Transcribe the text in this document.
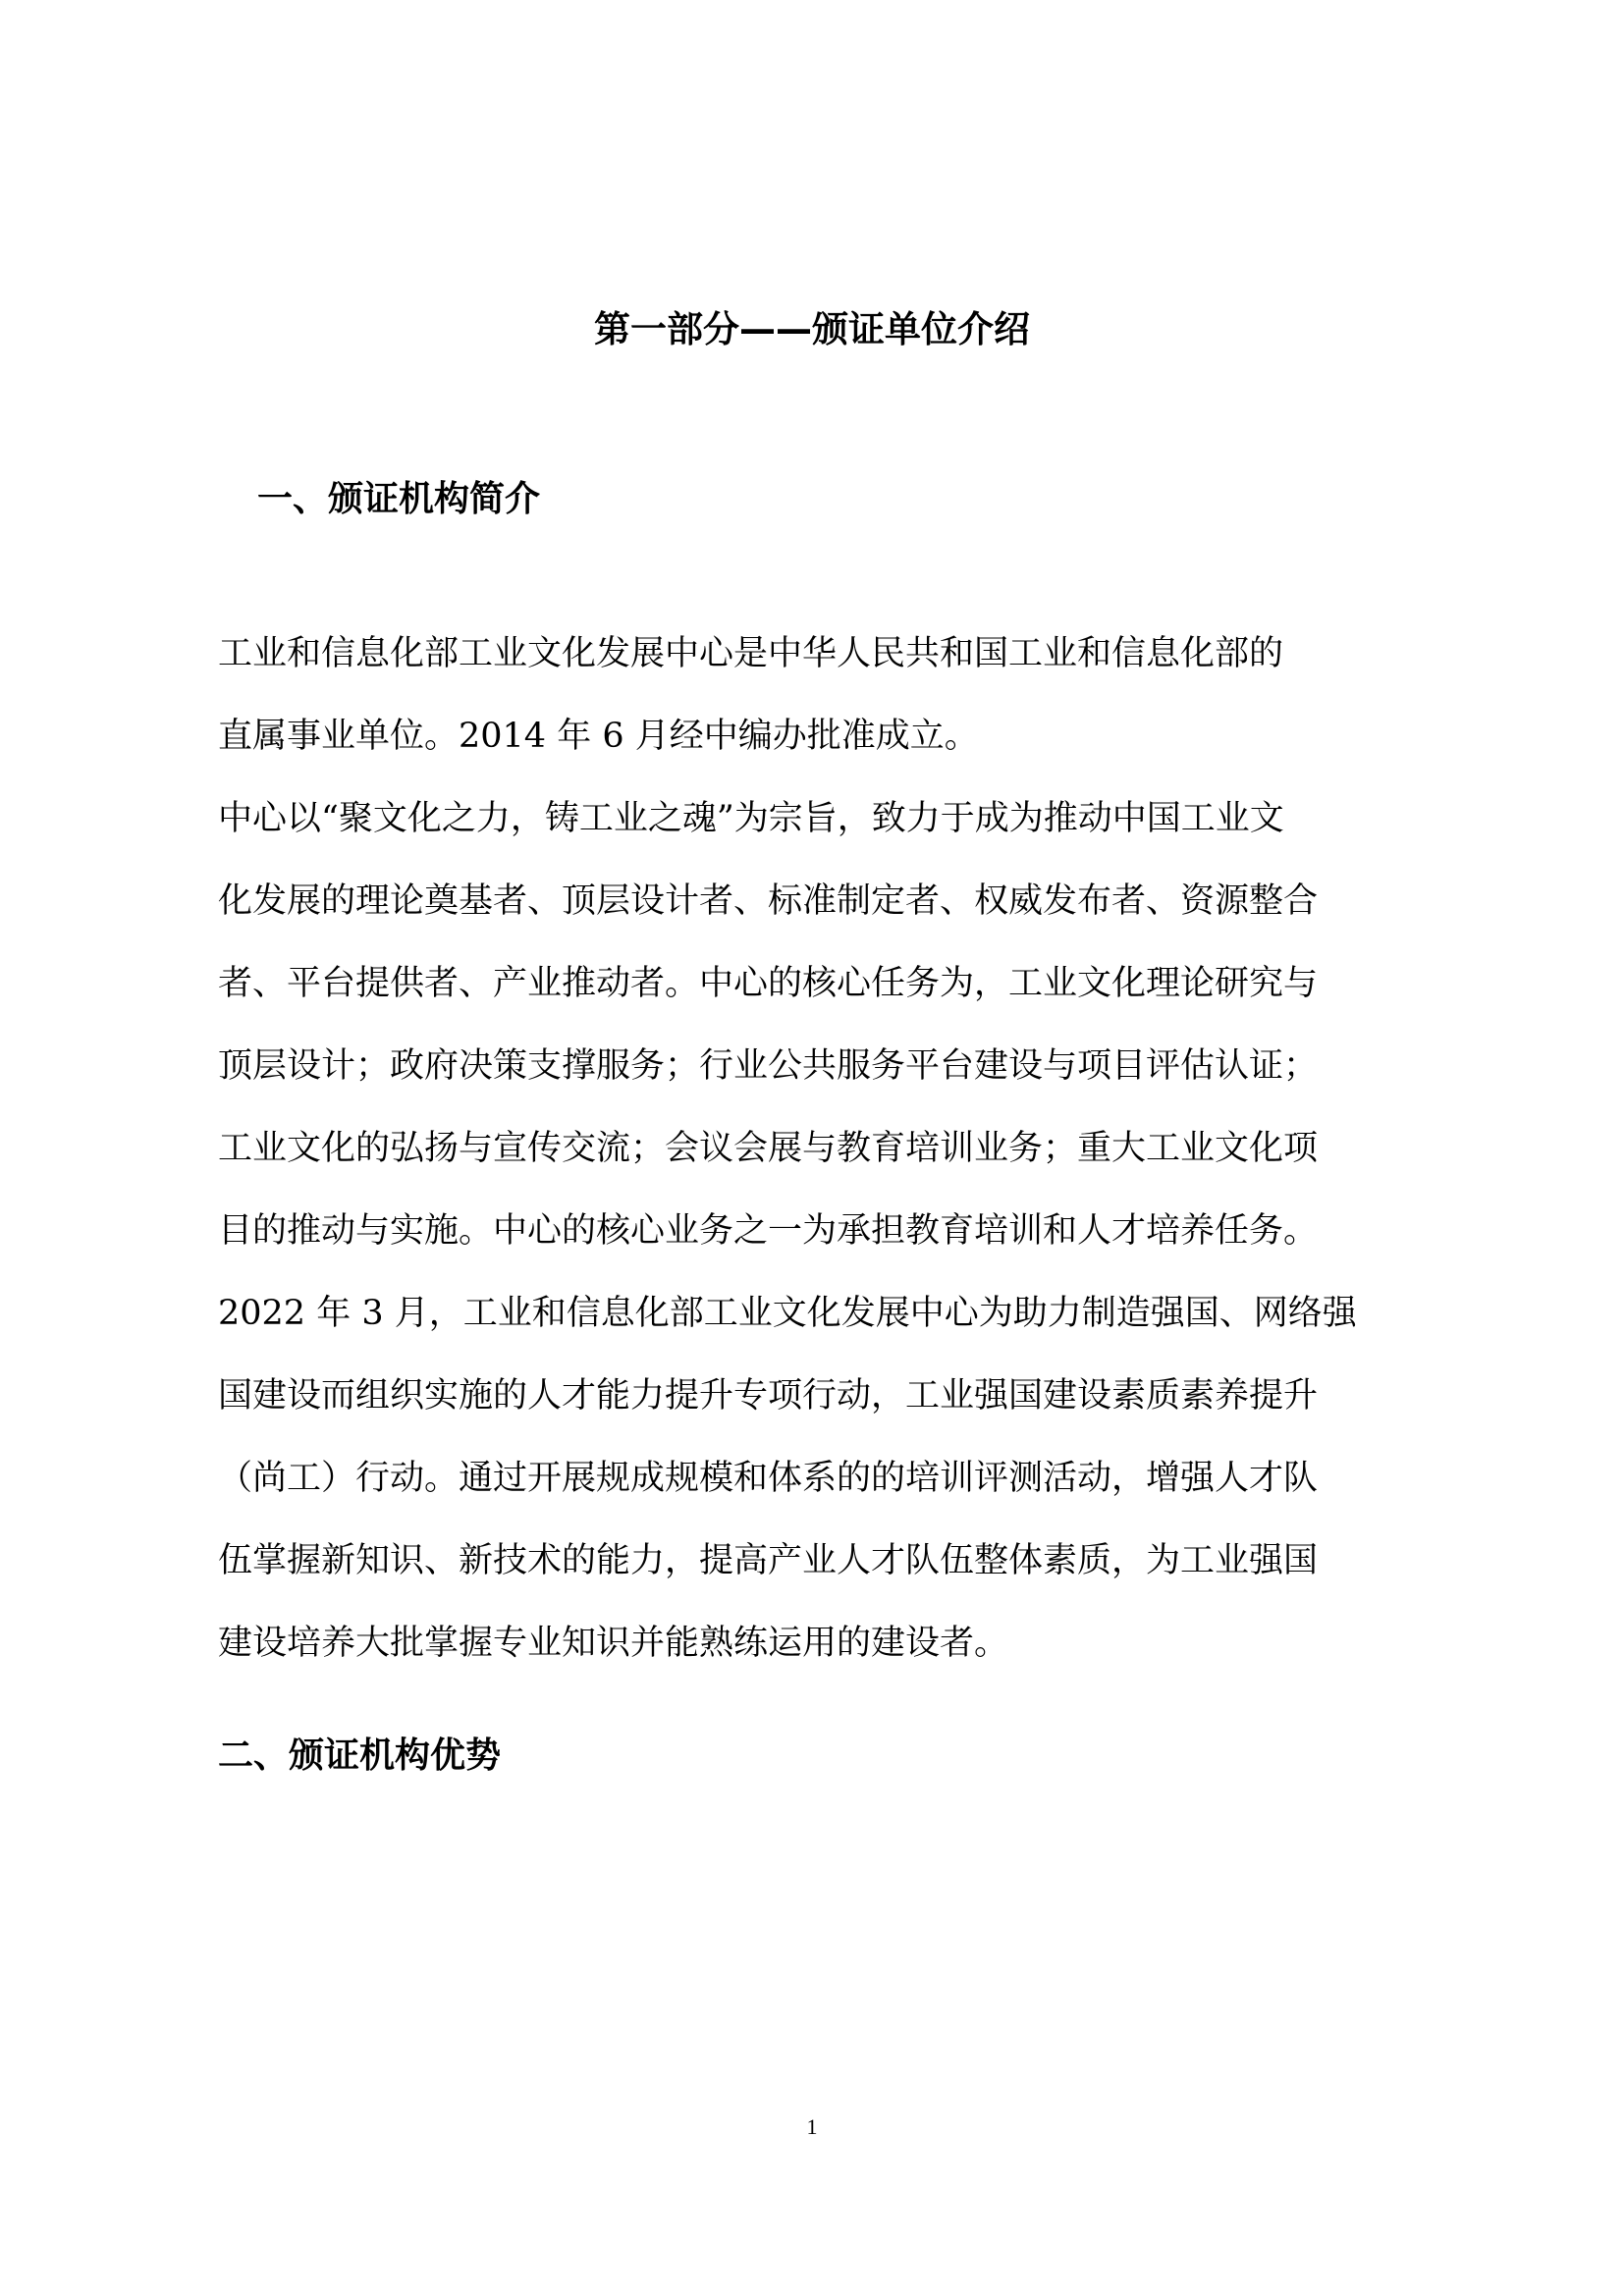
第一部分——颁证单位介绍
一、颁证机构简介

工业和信息化部工业文化发展中心是中华人民共和国工业和信息化部的

直属事业单位。2014 年 6 月经中编办批准成立。

中心以“聚文化之力，铸工业之魂”为宗旨，致力于成为推动中国工业文

化发展的理论奠基者、顶层设计者、标准制定者、权威发布者、资源整合

者、平台提供者、产业推动者。中心的核心任务为，工业文化理论研究与

顶层设计；政府决策支撑服务；行业公共服务平台建设与项目评估认证；

工业文化的弘扬与宣传交流；会议会展与教育培训业务；重大工业文化项

目的推动与实施。中心的核心业务之一为承担教育培训和人才培养任务。

2022 年 3 月，工业和信息化部工业文化发展中心为助力制造强国、网络强

国建设而组织实施的人才能力提升专项行动，工业强国建设素质素养提升

（尚工）行动。通过开展规成规模和体系的的培训评测活动，增强人才队

伍掌握新知识、新技术的能力，提高产业人才队伍整体素质，为工业强国

建设培养大批掌握专业知识并能熟练运用的建设者。

二、颁证机构优势
1
